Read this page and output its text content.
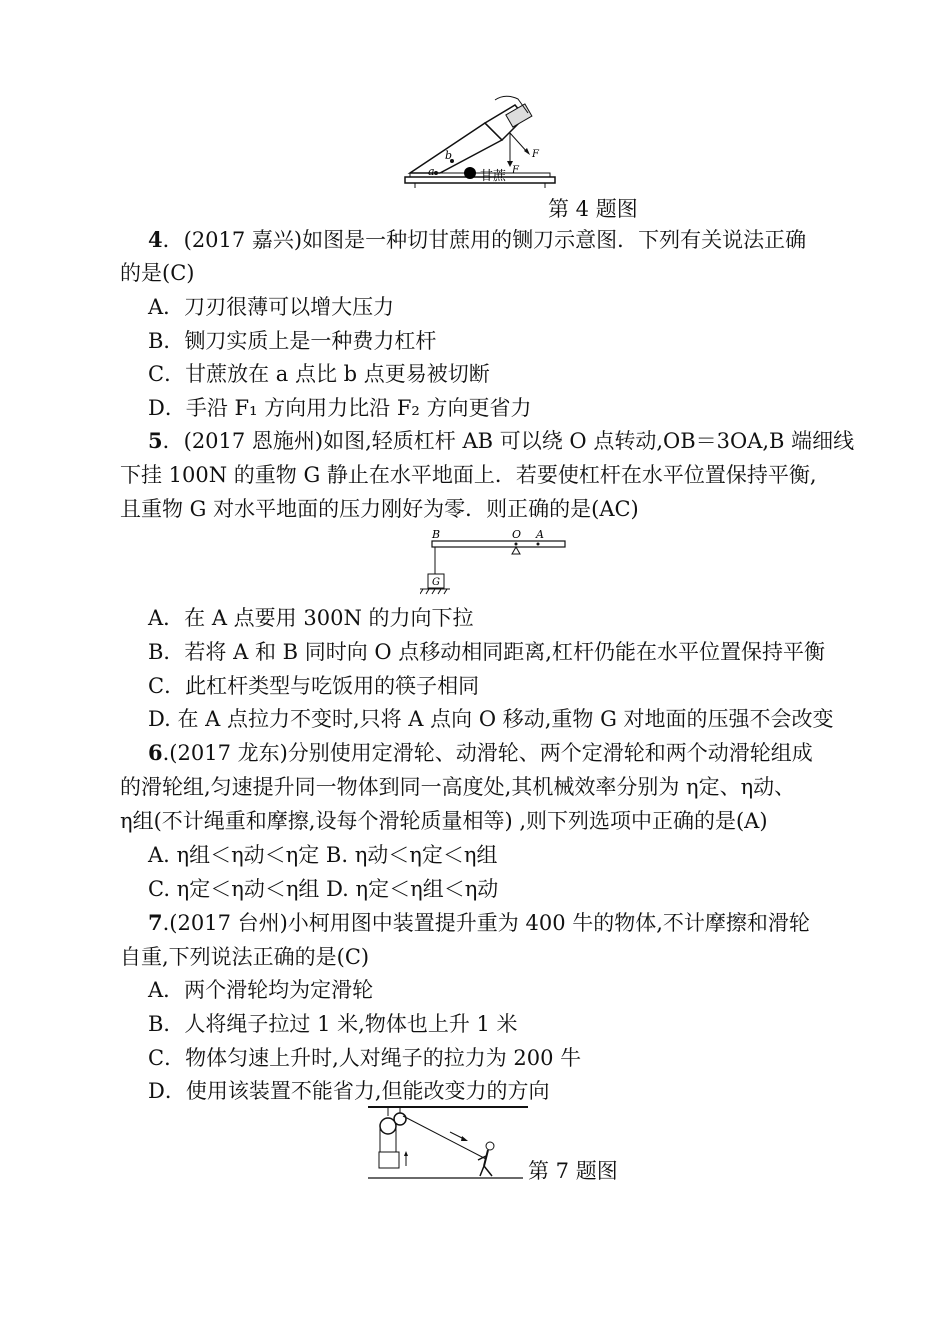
a
b
甘蔗 F
F
第 4 题图
4．(2017 嘉兴)如图是一种切甘蔗用的铡刀示意图．下列有关说法正确
的是(C)
A．刀刃很薄可以增大压力
B．铡刀实质上是一种费力杠杆
C．甘蔗放在 a 点比 b 点更易被切断
D．手沿 F₁ 方向用力比沿 F₂ 方向更省力
5．(2017 恩施州)如图,轻质杠杆 AB 可以绕 O 点转动,OB＝3OA,B 端细线
下挂 100N 的重物 G 静止在水平地面上．若要使杠杆在水平位置保持平衡,
且重物 G 对水平地面的压力刚好为零．则正确的是(AC)
B	O A
G
A．在 A 点要用 300N 的力向下拉
B．若将 A 和 B 同时向 O 点移动相同距离,杠杆仍能在水平位置保持平衡
C．此杠杆类型与吃饭用的筷子相同
D. 在 A 点拉力不变时,只将 A 点向 O 移动,重物 G 对地面的压强不会改变
6.(2017 龙东)分别使用定滑轮、动滑轮、两个定滑轮和两个动滑轮组成
的滑轮组,匀速提升同一物体到同一高度处,其机械效率分别为 η定、η动、
η组(不计绳重和摩擦,设每个滑轮质量相等) ,则下列选项中正确的是(A)
A. η组＜η动＜η定 B. η动＜η定＜η组
C. η定＜η动＜η组 D. η定＜η组＜η动
7.(2017 台州)小柯用图中装置提升重为 400 牛的物体,不计摩擦和滑轮
自重,下列说法正确的是(C)
A．两个滑轮均为定滑轮
B．人将绳子拉过 1 米,物体也上升 1 米
C．物体匀速上升时,人对绳子的拉力为 200 牛
D．使用该装置不能省力,但能改变力的方向
第 7 题图
